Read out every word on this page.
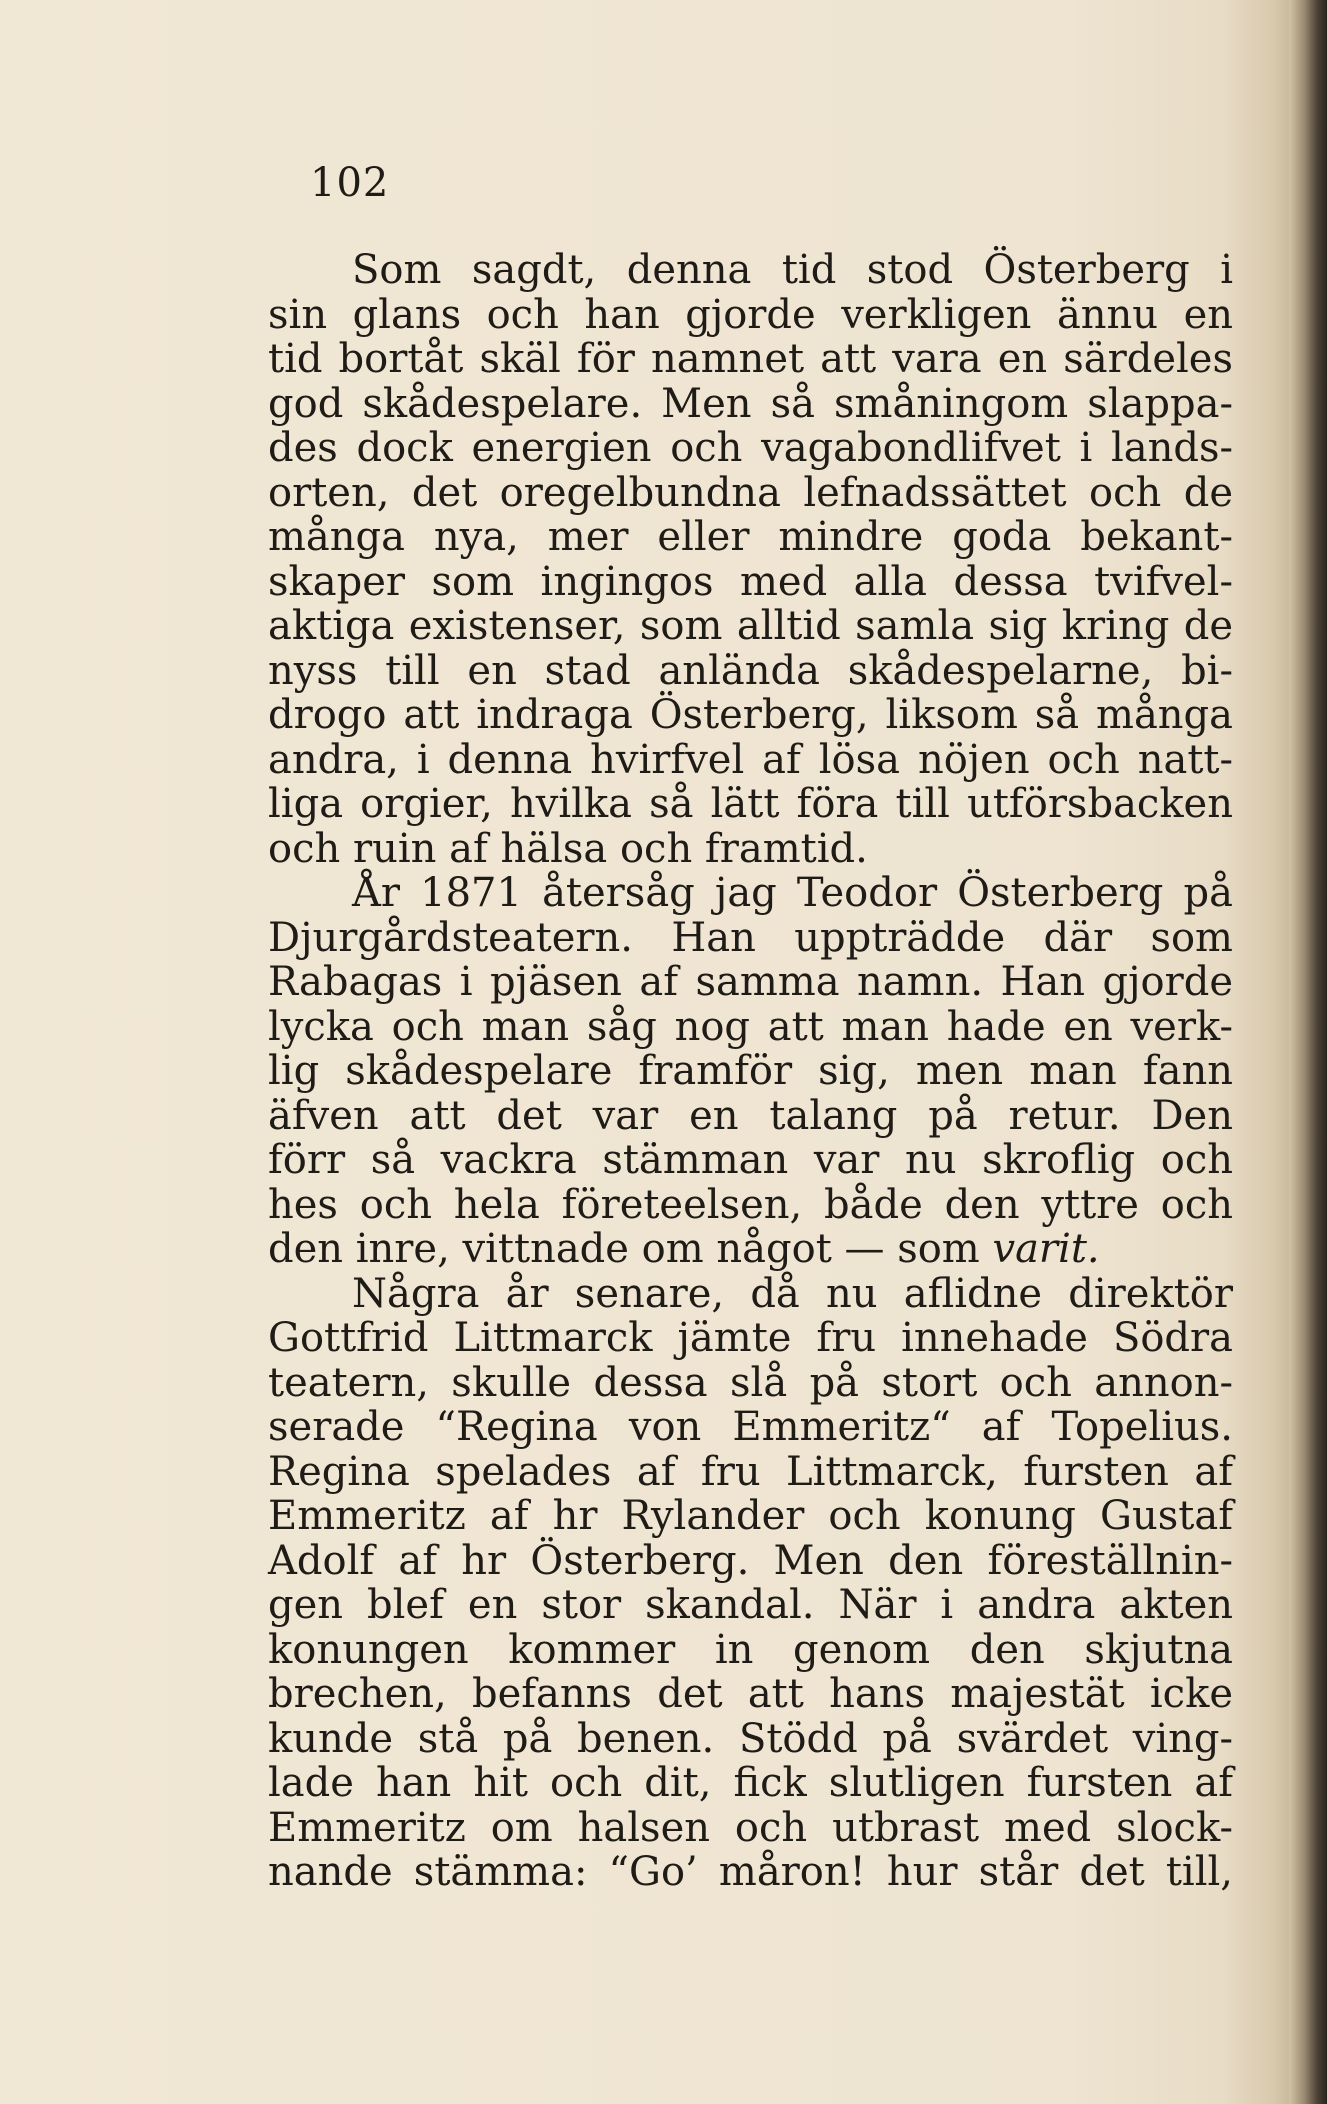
102
Som sagdt, denna tid stod Österberg i
sin glans och han gjorde verkligen ännu en
tid bortåt skäl för namnet att vara en särdeles
god skådespelare. Men så småningom slappa-
des dock energien och vagabondlifvet i lands-
orten, det oregelbundna lefnadssättet och de
många nya, mer eller mindre goda bekant-
skaper som ingingos med alla dessa tvifvel-
aktiga existenser, som alltid samla sig kring de
nyss till en stad anlända skådespelarne, bi-
drogo att indraga Österberg, liksom så många
andra, i denna hvirfvel af lösa nöjen och natt-
liga orgier, hvilka så lätt föra till utförsbacken
och ruin af hälsa och framtid.
År 1871 återsåg jag Teodor Österberg på
Djurgårdsteatern. Han uppträdde där som
Rabagas i pjäsen af samma namn. Han gjorde
lycka och man såg nog att man hade en verk-
lig skådespelare framför sig, men man fann
äfven att det var en talang på retur. Den
förr så vackra stämman var nu skroflig och
hes och hela företeelsen, både den yttre och
den inre, vittnade om något — som varit.
Några år senare, då nu aflidne direktör
Gottfrid Littmarck jämte fru innehade Södra
teatern, skulle dessa slå på stort och annon-
serade “Regina von Emmeritz“ af Topelius.
Regina spelades af fru Littmarck, fursten af
Emmeritz af hr Rylander och konung Gustaf
Adolf af hr Österberg. Men den föreställnin-
gen blef en stor skandal. När i andra akten
konungen kommer in genom den skjutna
brechen, befanns det att hans majestät icke
kunde stå på benen. Stödd på svärdet ving-
lade han hit och dit, fick slutligen fursten af
Emmeritz om halsen och utbrast med slock-
nande stämma: “Go’ måron! hur står det till,
